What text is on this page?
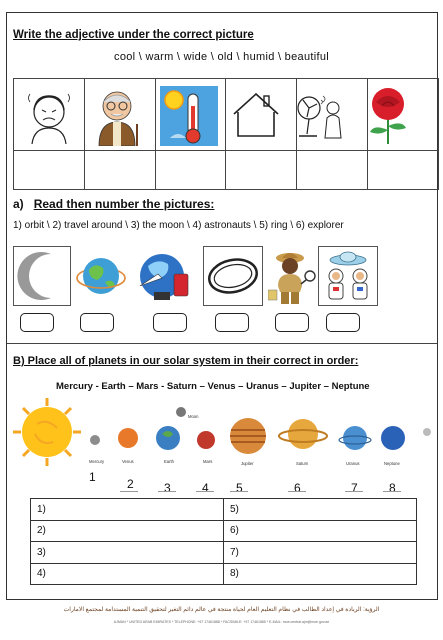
Write the adjective under the correct picture
cool \ warm \ wide \ old \ humid \ beautiful

a) Read then number the pictures:
1) orbit \ 2) travel around \ 3) the moon \ 4) astronauts \ 5) ring \ 6) explorer
B) Place all of planets in our solar system in their correct in order:
Mercury - Earth – Mars - Saturn – Venus – Uranus – Jupiter – Neptune
Mercury	Venus	Earth
Moon
Mars	Jupiter	Saturn	Uranus	Neptune
1	2	3	4 5	6	7	8
1)	5)
2)	6)
3)	7)
4)	8)
الرؤية: الريادة في إعداد الطالب في نظام التعليم العام لحياة منتجة في عالم دائم التغير لتحقيق التنمية المستدامة لمجتمع الامارات
AJMAN * UNITED ARAB EMIRATES * TELEPHONE: +97 17461888 * FACSIMILE: +97 17461885 * E-MAIL: moe.central.ajm@moe.gov.ae
